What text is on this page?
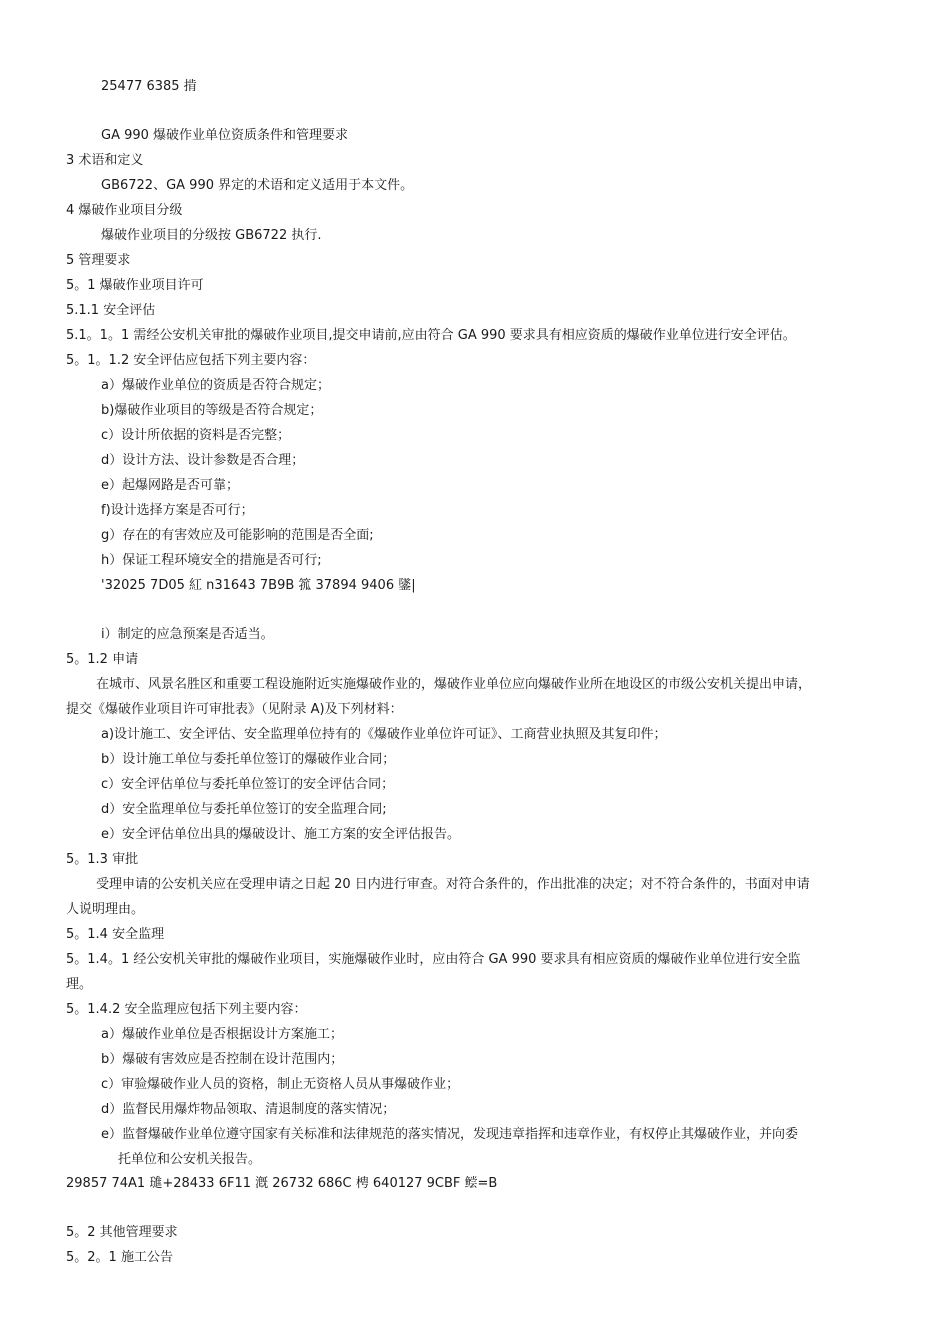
25477 6385 掯

GA 990 爆破作业单位资质条件和管理要求

3 术语和定义

GB6722、GA 990 界定的术语和定义适用于本文件。

4 爆破作业项目分级

爆破作业项目的分级按 GB6722 执行.

5 管理要求

5。1 爆破作业项目许可

5.1.1 安全评估

5.1。1。1 需经公安机关审批的爆破作业项目,提交申请前,应由符合 GA 990 要求具有相应资质的爆破作业单位进行安全评估。

5。1。1.2 安全评估应包括下列主要内容：

a）爆破作业单位的资质是否符合规定；

b)爆破作业项目的等级是否符合规定；

c）设计所依据的资料是否完整；

d）设计方法、设计参数是否合理；

e）起爆网路是否可靠；

f)设计选择方案是否可行；

g）存在的有害效应及可能影响的范围是否全面;

h）保证工程环境安全的措施是否可行;

'32025 7D05 紅 n31643 7B9B 箛 37894 9406 鐆|

i）制定的应急预案是否适当。

5。1.2 申请

在城市、风景名胜区和重要工程设施附近实施爆破作业的，爆破作业单位应向爆破作业所在地设区的市级公安机关提出申请，

提交《爆破作业项目许可审批表》（见附录 A)及下列材料：

a)设计施工、安全评估、安全监理单位持有的《爆破作业单位许可证》、工商营业执照及其复印件；

b）设计施工单位与委托单位签订的爆破作业合同；

c）安全评估单位与委托单位签订的安全评估合同；

d）安全监理单位与委托单位签订的安全监理合同;

e）安全评估单位出具的爆破设计、施工方案的安全评估报告。

5。1.3 审批

受理申请的公安机关应在受理申请之日起 20 日内进行审查。对符合条件的，作出批准的决定；对不符合条件的，书面对申请

人说明理由。

5。1.4 安全监理

5。1.4。1 经公安机关审批的爆破作业项目，实施爆破作业时，应由符合 GA 990 要求具有相应资质的爆破作业单位进行安全监

理。

5。1.4.2 安全监理应包括下列主要内容：

a）爆破作业单位是否根据设计方案施工；

b）爆破有害效应是否控制在设计范围内；

c）审验爆破作业人员的资格，制止无资格人员从事爆破作业；

d）监督民用爆炸物品领取、清退制度的落实情况；

e）监督爆破作业单位遵守国家有关标准和法律规范的落实情况，发现违章指挥和违章作业，有权停止其爆破作业，并向委

托单位和公安机关报告。

29857 74A1 璡+28433 6F11 漑 26732 686C 梬 640127 9CBF 鲿=B

5。2 其他管理要求

5。2。1 施工公告
